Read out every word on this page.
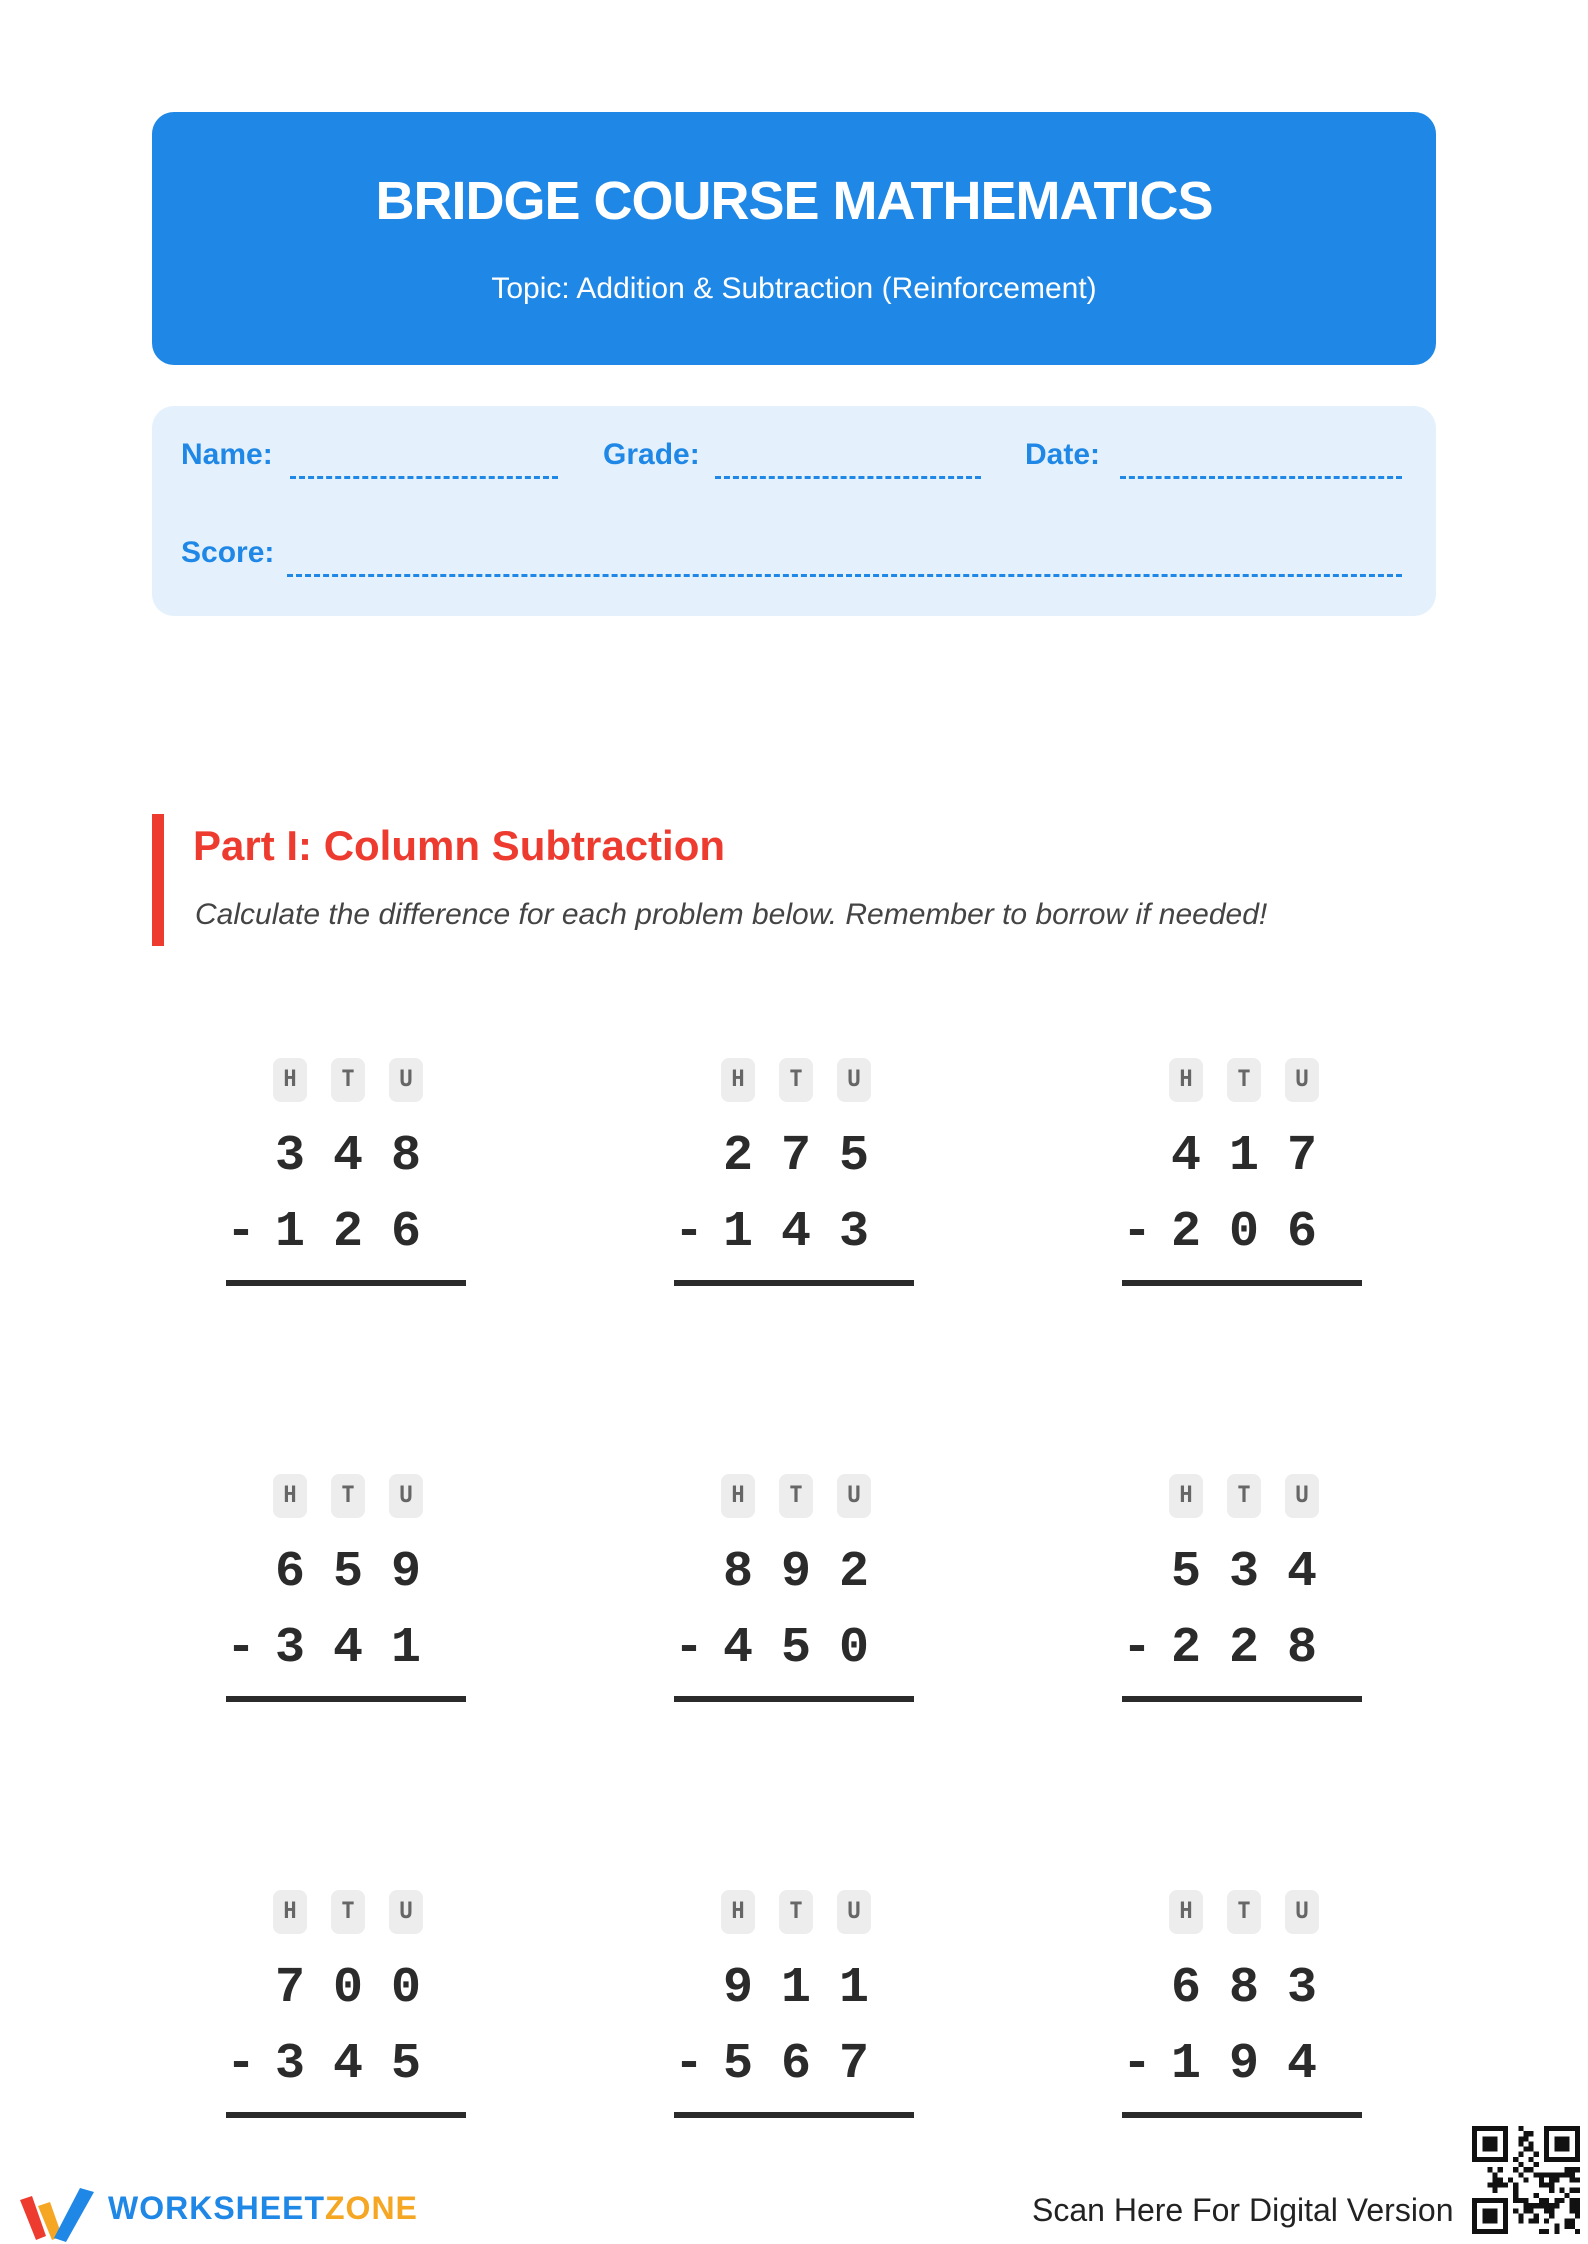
BRIDGE COURSE MATHEMATICS
Topic: Addition & Subtraction (Reinforcement)
Name:	Grade:	Date:
Score:
Part I: Column Subtraction
Calculate the difference for each problem below. Remember to borrow if needed!
H	T	U
3 4 8
1 2 6
-
H	T	U
2 7 5
1 4 3
-
H	T	U
4 1 7
2 0 6
-
H	T	U
6 5 9
3 4 1
-
H	T	U
8 9 2
4 5 0
-
H	T	U
5 3 4
2 2 8
-
H	T	U
7 0 0
3 4 5
-
H	T	U
9 1 1
5 6 7
-
H	T	U
6 8 3
1 9 4
-
WORKSHEETZONE	Scan Here For Digital Version
